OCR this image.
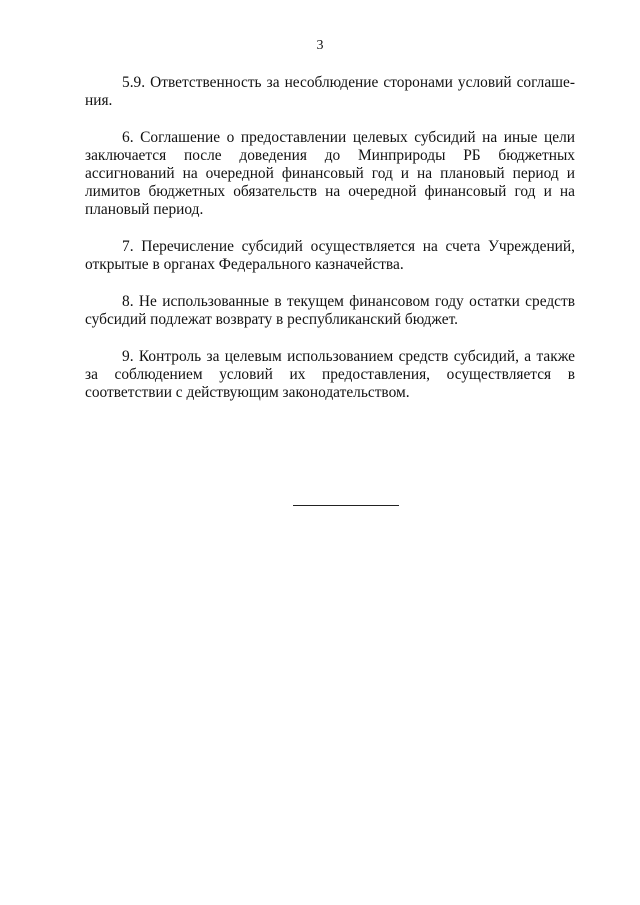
3

5.9. Ответственность за несоблюдение сторонами условий соглашения.

6. Соглашение о предоставлении целевых субсидий на иные цели заключается после доведения до Минприроды РБ бюджетных ассигнований на очередной финансовый год и на плановый период и лимитов бюджетных обязательств на очередной финансовый год и на плановый период.

7. Перечисление субсидий осуществляется на счета Учреждений, открытые в органах Федерального казначейства.

8. Не использованные в текущем финансовом году остатки средств субсидий подлежат возврату в республиканский бюджет.

9. Контроль за целевым использованием средств субсидий, а также за соблюдением условий их предоставления, осуществляется в соответствии с действующим законодательством.
